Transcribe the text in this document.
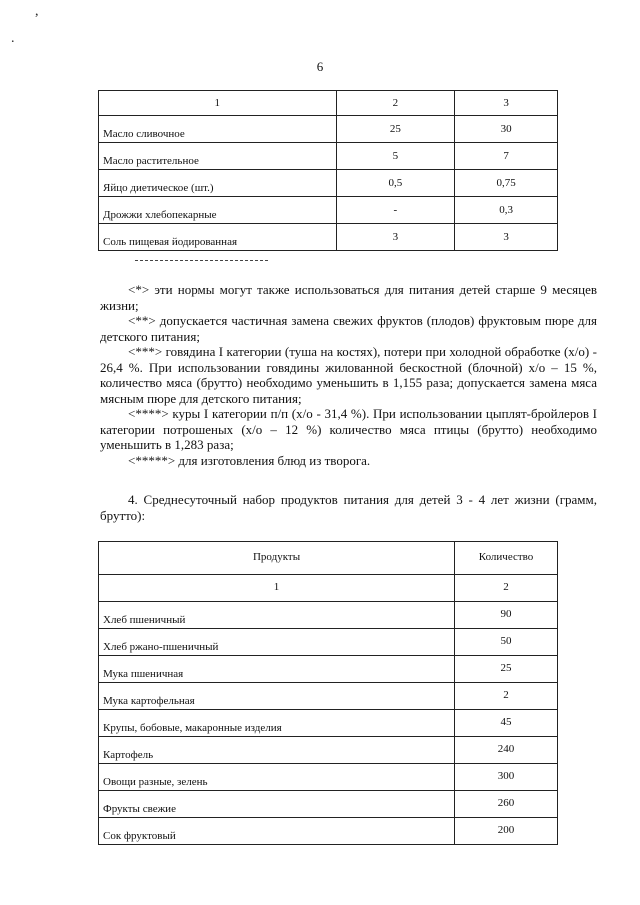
,
.
6
1	2	3
Масло сливочное	25	30
Масло растительное	5	7
Яйцо диетическое (шт.)	0,5	0,75
Дрожжи хлебопекарные	-	0,3
Соль пищевая йодированная	3	3

<*> эти нормы могут также использоваться для питания детей старше 9 месяцев жизни;

<**> допускается частичная замена свежих фруктов (плодов) фруктовым пюре для детского питания;

<***> говядина I категории (туша на костях), потери при холодной обработке (х/о) - 26,4 %. При использовании говядины жилованной бескостной (блочной) х/о – 15 %, количество мяса (брутто) необходимо уменьшить в 1,155 раза; допускается замена мяса мясным пюре для детского питания;

<****> куры I категории п/п (х/о - 31,4 %). При использовании цыплят-бройлеров I категории потрошеных (х/о – 12 %) количество мяса птицы (брутто) необходимо уменьшить в 1,283 раза;

<*****> для изготовления блюд из творога.

4. Среднесуточный набор продуктов питания для детей 3 - 4 лет жизни (грамм, брутто):

Продукты	Количество
1	2
Хлеб пшеничный	90
Хлеб ржано-пшеничный	50
Мука пшеничная	25
Мука картофельная	2
Крупы, бобовые, макаронные изделия	45
Картофель	240
Овощи разные, зелень	300
Фрукты свежие	260
Сок фруктовый	200
